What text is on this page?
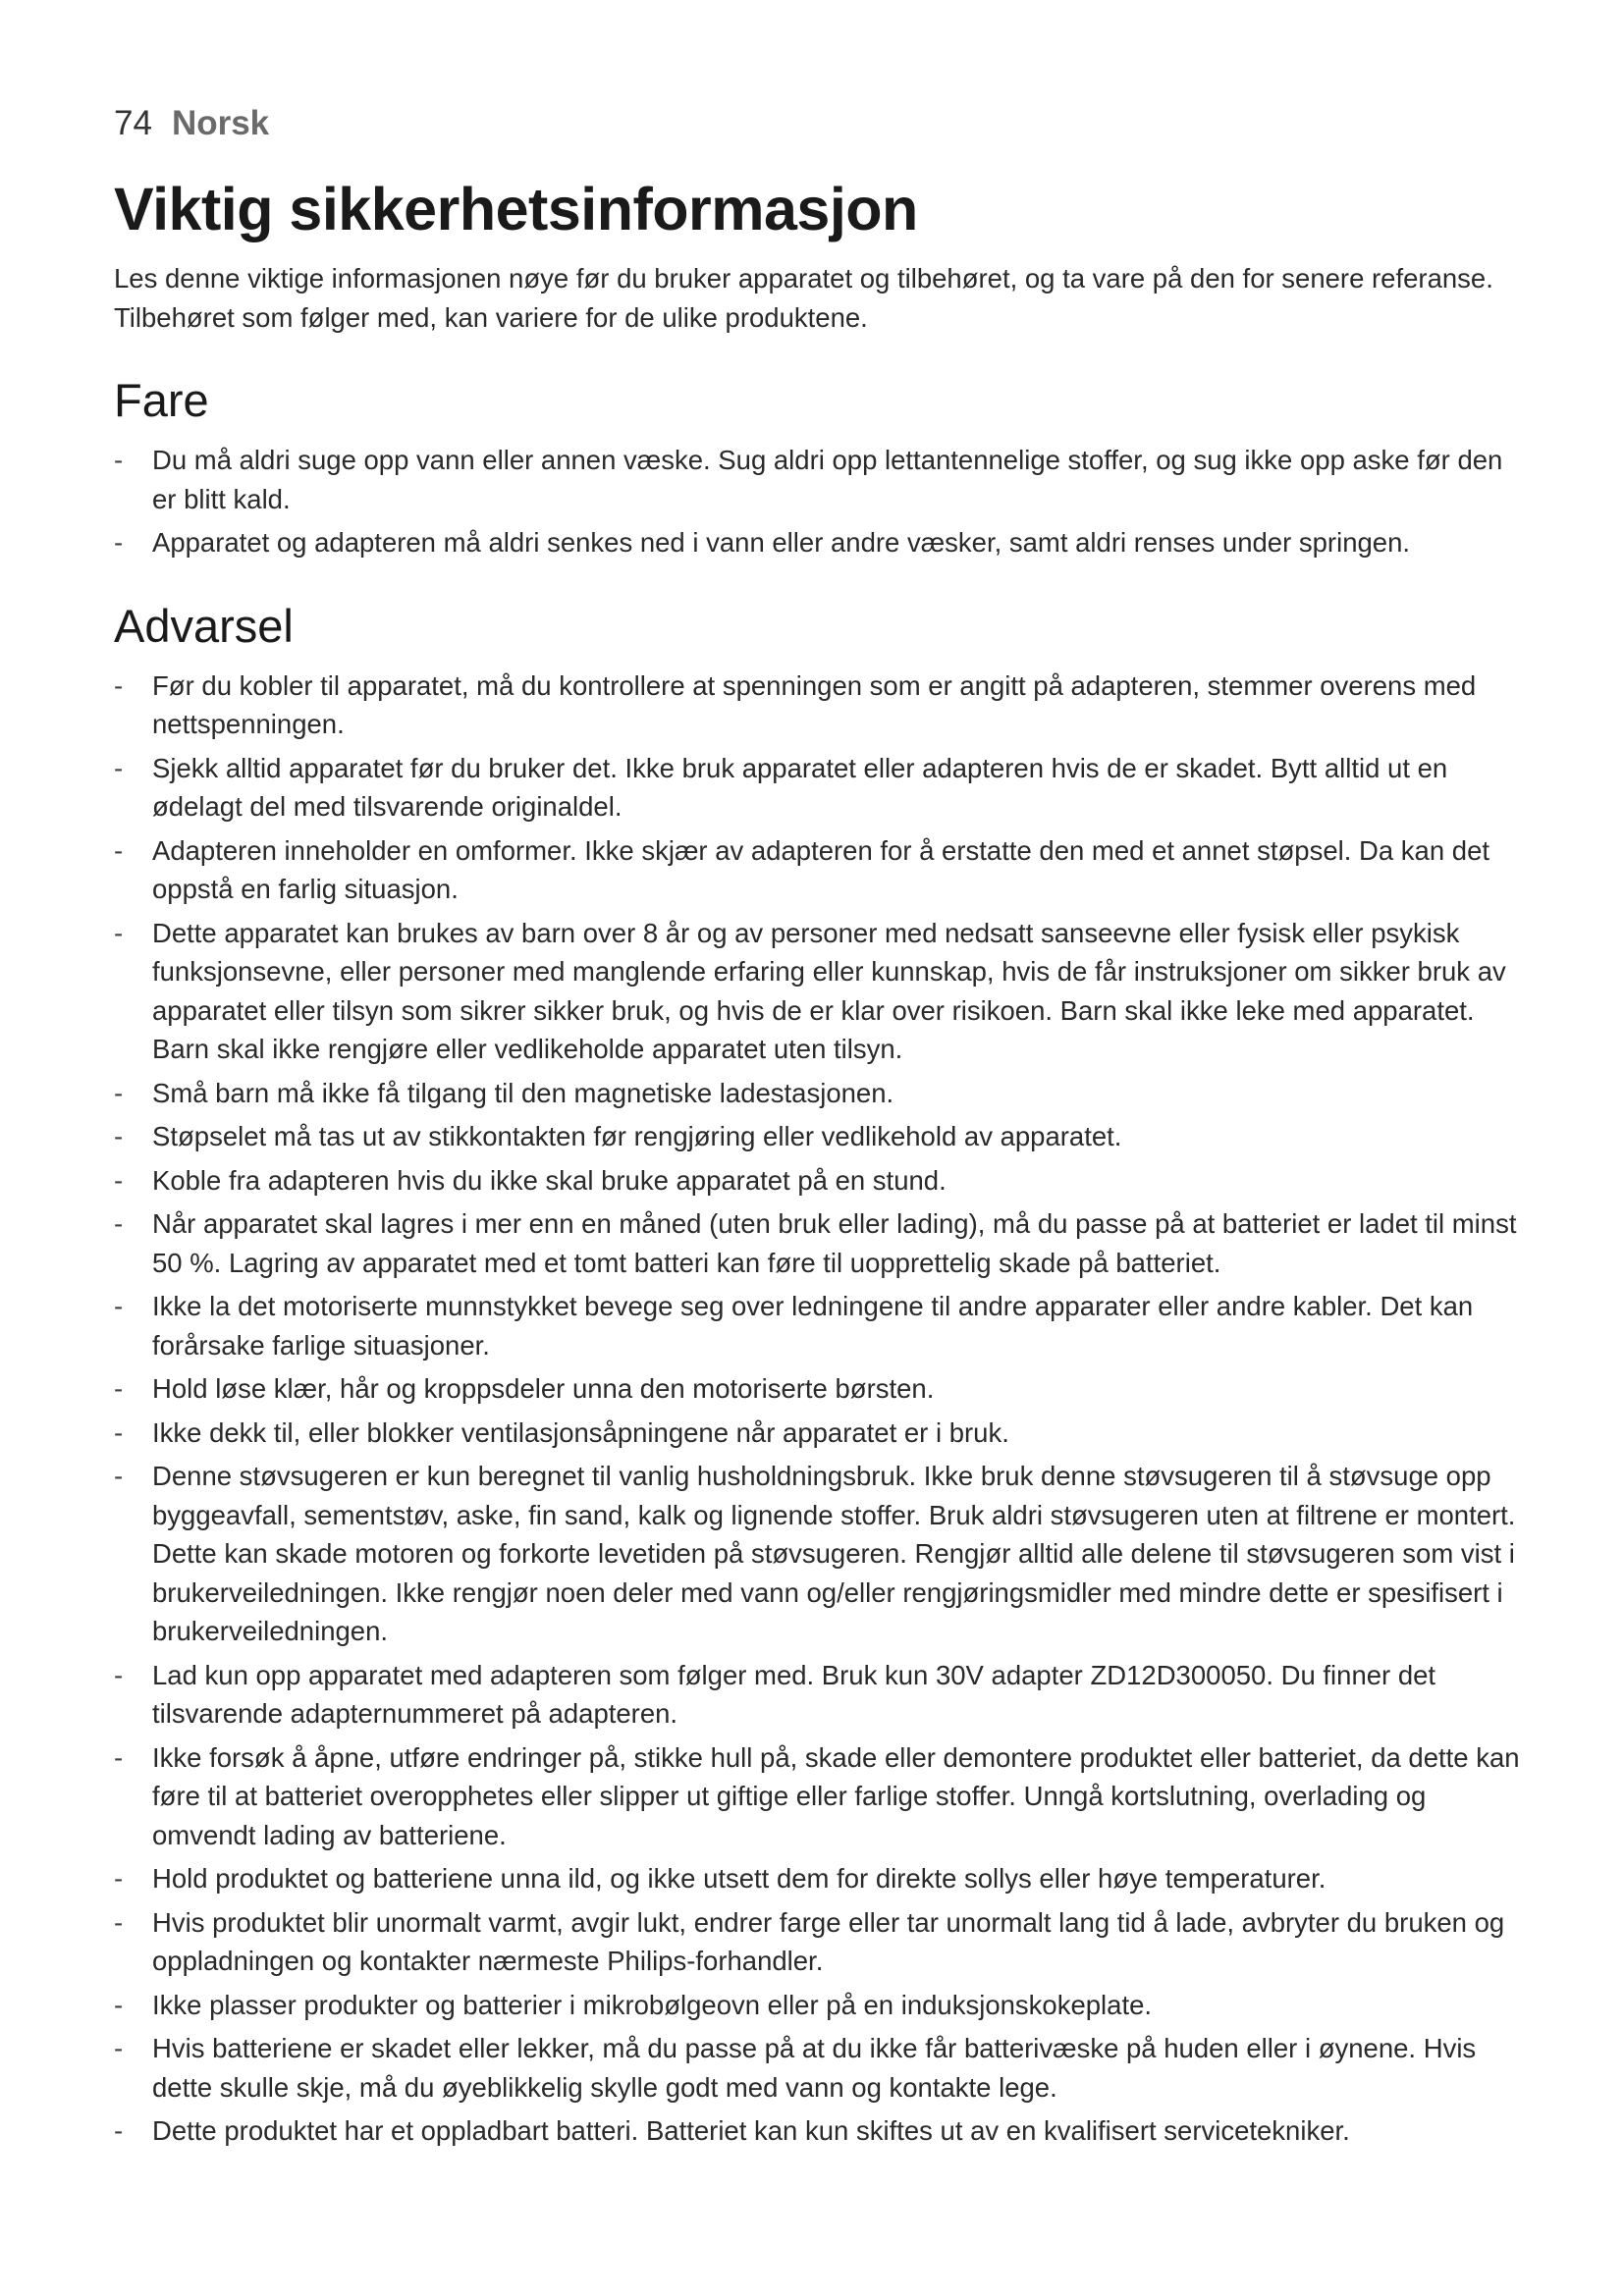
74 Norsk

Viktig sikkerhetsinformasjon

Les denne viktige informasjonen nøye før du bruker apparatet og tilbehøret, og ta vare på den for senere referanse. Tilbehøret som følger med, kan variere for de ulike produktene.

Fare
- Du må aldri suge opp vann eller annen væske. Sug aldri opp lettantennelige stoffer, og sug ikke opp aske før den er blitt kald.
- Apparatet og adapteren må aldri senkes ned i vann eller andre væsker, samt aldri renses under springen.
Advarsel
- Før du kobler til apparatet, må du kontrollere at spenningen som er angitt på adapteren, stemmer overens med nettspenningen.
- Sjekk alltid apparatet før du bruker det. Ikke bruk apparatet eller adapteren hvis de er skadet. Bytt alltid ut en ødelagt del med tilsvarende originaldel.
- Adapteren inneholder en omformer. Ikke skjær av adapteren for å erstatte den med et annet støpsel. Da kan det oppstå en farlig situasjon.
- Dette apparatet kan brukes av barn over 8 år og av personer med nedsatt sanseevne eller fysisk eller psykisk funksjonsevne, eller personer med manglende erfaring eller kunnskap, hvis de får instruksjoner om sikker bruk av apparatet eller tilsyn som sikrer sikker bruk, og hvis de er klar over risikoen. Barn skal ikke leke med apparatet. Barn skal ikke rengjøre eller vedlikeholde apparatet uten tilsyn.
- Små barn må ikke få tilgang til den magnetiske ladestasjonen.
- Støpselet må tas ut av stikkontakten før rengjøring eller vedlikehold av apparatet.
- Koble fra adapteren hvis du ikke skal bruke apparatet på en stund.
- Når apparatet skal lagres i mer enn en måned (uten bruk eller lading), må du passe på at batteriet er ladet til minst 50 %. Lagring av apparatet med et tomt batteri kan føre til uopprettelig skade på batteriet.
- Ikke la det motoriserte munnstykket bevege seg over ledningene til andre apparater eller andre kabler. Det kan forårsake farlige situasjoner.
- Hold løse klær, hår og kroppsdeler unna den motoriserte børsten.
- Ikke dekk til, eller blokker ventilasjonsåpningene når apparatet er i bruk.
- Denne støvsugeren er kun beregnet til vanlig husholdningsbruk. Ikke bruk denne støvsugeren til å støvsuge opp byggeavfall, sementstøv, aske, fin sand, kalk og lignende stoffer. Bruk aldri støvsugeren uten at filtrene er montert. Dette kan skade motoren og forkorte levetiden på støvsugeren. Rengjør alltid alle delene til støvsugeren som vist i brukerveiledningen. Ikke rengjør noen deler med vann og/eller rengjøringsmidler med mindre dette er spesifisert i brukerveiledningen.
- Lad kun opp apparatet med adapteren som følger med. Bruk kun 30V adapter ZD12D300050. Du finner det tilsvarende adapternummeret på adapteren.
- Ikke forsøk å åpne, utføre endringer på, stikke hull på, skade eller demontere produktet eller batteriet, da dette kan føre til at batteriet overopphetes eller slipper ut giftige eller farlige stoffer. Unngå kortslutning, overlading og omvendt lading av batteriene.
- Hold produktet og batteriene unna ild, og ikke utsett dem for direkte sollys eller høye temperaturer.
- Hvis produktet blir unormalt varmt, avgir lukt, endrer farge eller tar unormalt lang tid å lade, avbryter du bruken og oppladningen og kontakter nærmeste Philips-forhandler.
- Ikke plasser produkter og batterier i mikrobølgeovn eller på en induksjonskokeplate.
- Hvis batteriene er skadet eller lekker, må du passe på at du ikke får batterivæske på huden eller i øynene. Hvis dette skulle skje, må du øyeblikkelig skylle godt med vann og kontakte lege.
- Dette produktet har et oppladbart batteri. Batteriet kan kun skiftes ut av en kvalifisert servicetekniker.
